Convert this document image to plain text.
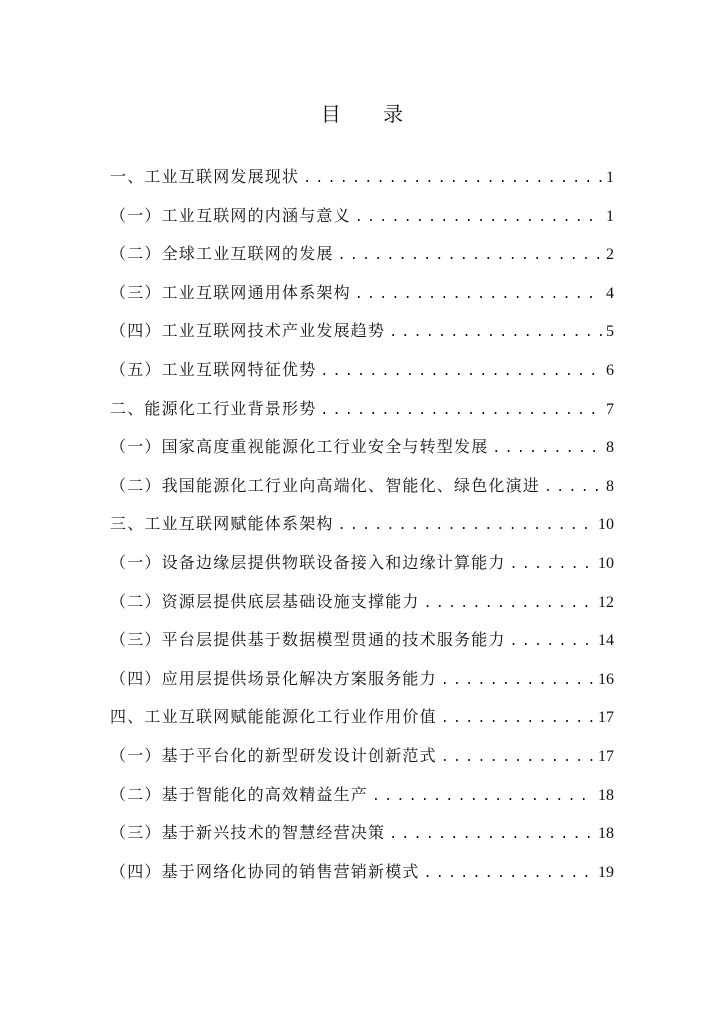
目 录
一、工业互联网发展现状 .....	1
（一）工业互联网的内涵与意义 .....	1
（二）全球工业互联网的发展 .....	2
（三）工业互联网通用体系架构 .....	4
（四）工业互联网技术产业发展趋势 .....	5
（五）工业互联网特征优势 .....	6
二、能源化工行业背景形势 .....	7
（一）国家高度重视能源化工行业安全与转型发展 .....	8
（二）我国能源化工行业向高端化、智能化、绿色化演进 .....	8
三、工业互联网赋能体系架构 .....	10
（一）设备边缘层提供物联设备接入和边缘计算能力 .....	10
（二）资源层提供底层基础设施支撑能力 .....	12
（三）平台层提供基于数据模型贯通的技术服务能力 .....	14
（四）应用层提供场景化解决方案服务能力 .....	16
四、工业互联网赋能能源化工行业作用价值 .....	17
（一）基于平台化的新型研发设计创新范式 .....	17
（二）基于智能化的高效精益生产 .....	18
（三）基于新兴技术的智慧经营决策 .....	18
（四）基于网络化协同的销售营销新模式 .....	19
